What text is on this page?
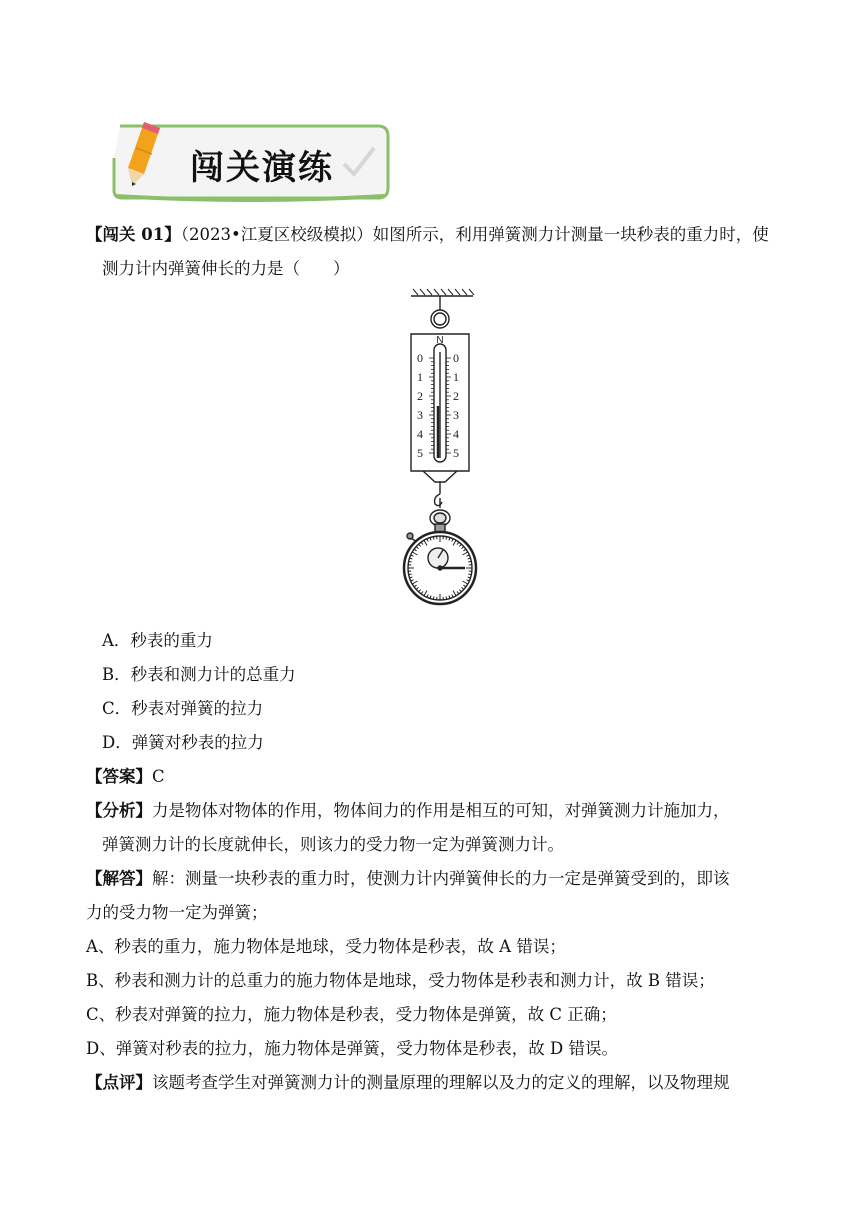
闯关演练
【闯关 01】（2023•江夏区校级模拟）如图所示，利用弹簧测力计测量一块秒表的重力时，使
测力计内弹簧伸长的力是（　　）
N
0	0
1	1
2	2
3	3
4	4
5	5
A．秒表的重力
B．秒表和测力计的总重力
C．秒表对弹簧的拉力
D．弹簧对秒表的拉力
【答案】C
【分析】力是物体对物体的作用，物体间力的作用是相互的可知，对弹簧测力计施加力，
弹簧测力计的长度就伸长，则该力的受力物一定为弹簧测力计。
【解答】解：测量一块秒表的重力时，使测力计内弹簧伸长的力一定是弹簧受到的，即该
力的受力物一定为弹簧；
A、秒表的重力，施力物体是地球，受力物体是秒表，故 A 错误；
B、秒表和测力计的总重力的施力物体是地球，受力物体是秒表和测力计，故 B 错误；
C、秒表对弹簧的拉力，施力物体是秒表，受力物体是弹簧，故 C 正确；
D、弹簧对秒表的拉力，施力物体是弹簧，受力物体是秒表，故 D 错误。
【点评】该题考查学生对弹簧测力计的测量原理的理解以及力的定义的理解，以及物理规
